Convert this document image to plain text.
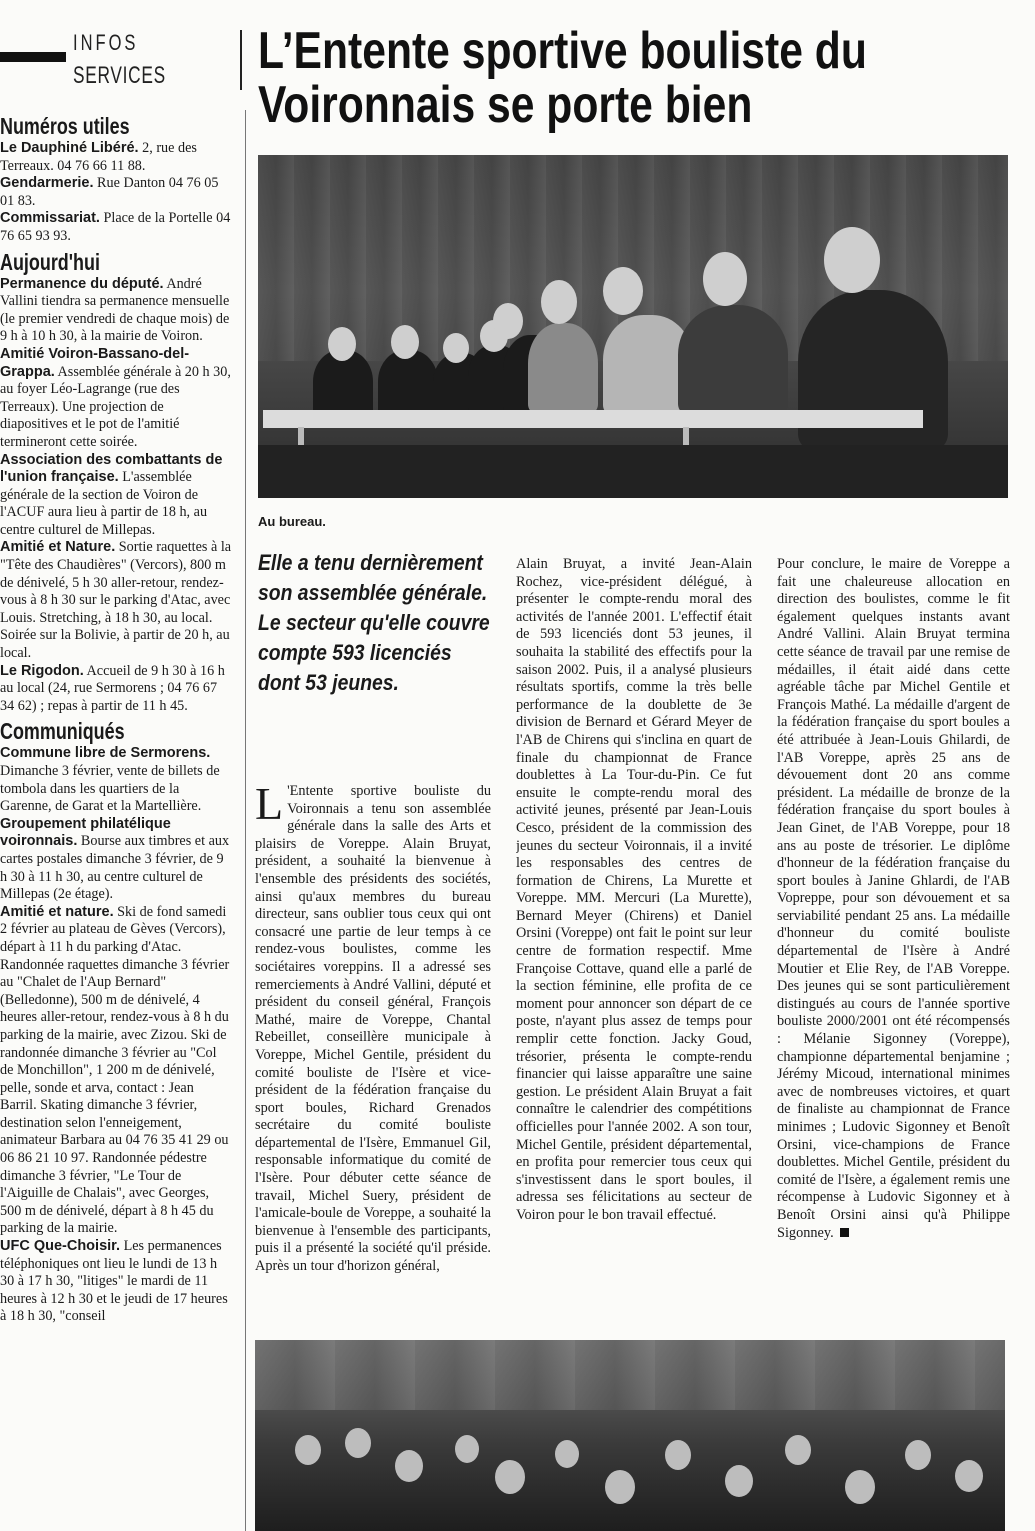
INFOS
SERVICES L’Entente sportive bouliste du Voironnais se porte bien
Numéros utiles

Le Dauphiné Libéré. 2, rue des Terreaux. 04 76 66 11 88.

Gendarmerie. Rue Danton 04 76 05 01 83.

Commissariat. Place de la Portelle 04 76 65 93 93.

Aujourd'hui

Permanence du député. André Vallini tiendra sa permanence mensuelle (le premier vendredi de chaque mois) de 9 h à 10 h 30, à la mairie de Voiron.

Amitié Voiron-Bassano-del-Grappa. Assemblée générale à 20 h 30, au foyer Léo-Lagrange (rue des Terreaux). Une projection de diapositives et le pot de l'amitié termineront cette soirée.

Association des combattants de l'union française. L'assemblée générale de la section de Voiron de l'ACUF aura lieu à partir de 18 h, au centre culturel de Millepas.

Amitié et Nature. Sortie raquettes à la "Tête des Chaudières" (Vercors), 800 m de dénivelé, 5 h 30 aller-retour, rendez-vous à 8 h 30 sur le parking d'Atac, avec Louis. Stretching, à 18 h 30, au local. Soirée sur la Bolivie, à partir de 20 h, au local.

Le Rigodon. Accueil de 9 h 30 à 16 h au local (24, rue Sermorens ; 04 76 67 34 62) ; repas à partir de 11 h 45.

Communiqués

Commune libre de Sermorens. Dimanche 3 février, vente de billets de tombola dans les quartiers de la Garenne, de Garat et la Martellière.

Groupement philatélique voironnais. Bourse aux timbres et aux cartes postales dimanche 3 février, de 9 h 30 à 11 h 30, au centre culturel de Millepas (2e étage).

Amitié et nature. Ski de fond samedi 2 février au plateau de Gèves (Vercors), départ à 11 h du parking d'Atac. Randonnée raquettes dimanche 3 février au "Chalet de l'Aup Bernard" (Belledonne), 500 m de dénivelé, 4 heures aller-retour, rendez-vous à 8 h du parking de la mairie, avec Zizou. Ski de randonnée dimanche 3 février au "Col de Monchillon", 1 200 m de dénivelé, pelle, sonde et arva, contact : Jean Barril. Skating dimanche 3 février, destination selon l'enneigement, animateur Barbara au 04 76 35 41 29 ou 06 86 21 10 97. Randonnée pédestre dimanche 3 février, "Le Tour de l'Aiguille de Chalais", avec Georges, 500 m de dénivelé, départ à 8 h 45 du parking de la mairie.

UFC Que-Choisir. Les permanences téléphoniques ont lieu le lundi de 13 h 30 à 17 h 30, "litiges" le mardi de 11 heures à 12 h 30 et le jeudi de 17 heures à 18 h 30, "conseil

Au bureau.

Elle a tenu dernièrement son assemblée générale. Le secteur qu'elle couvre compte 593 licenciés dont 53 jeunes.

L 'Entente sportive bouliste du Voironnais a tenu son assemblée générale dans la salle des Arts et plaisirs de Voreppe. Alain Bruyat, président, a souhaité la bienvenue à l'ensemble des présidents des sociétés, ainsi qu'aux membres du bureau directeur, sans oublier tous ceux qui ont consacré une partie de leur temps à ce rendez-vous boulistes, comme les sociétaires voreppins. Il a adressé ses remerciements à André Vallini, député et président du conseil général, François Mathé, maire de Voreppe, Chantal Rebeillet, conseillère municipale à Voreppe, Michel Gentile, président du comité bouliste de l'Isère et vice-président de la fédération française du sport boules, Richard Grenados secrétaire du comité bouliste départemental de l'Isère, Emmanuel Gil, responsable informatique du comité de l'Isère. Pour débuter cette séance de travail, Michel Suery, président de l'amicale-boule de Voreppe, a souhaité la bienvenue à l'ensemble des participants, puis il a présenté la société qu'il préside. Après un tour d'horizon général,

Alain Bruyat, a invité Jean-Alain Rochez, vice-président délégué, à présenter le compte-rendu moral des activités de l'année 2001. L'effectif était de 593 licenciés dont 53 jeunes, il souhaita la stabilité des effectifs pour la saison 2002. Puis, il a analysé plusieurs résultats sportifs, comme la très belle performance de la doublette de 3e division de Bernard et Gérard Meyer de l'AB de Chirens qui s'inclina en quart de finale du championnat de France doublettes à La Tour-du-Pin. Ce fut ensuite le compte-rendu moral des activité jeunes, présenté par Jean-Louis Cesco, président de la commission des jeunes du secteur Voironnais, il a invité les responsables des centres de formation de Chirens, La Murette et Voreppe. MM. Mercuri (La Murette), Bernard Meyer (Chirens) et Daniel Orsini (Voreppe) ont fait le point sur leur centre de formation respectif. Mme Françoise Cottave, quand elle a parlé de la section féminine, elle profita de ce moment pour annoncer son départ de ce poste, n'ayant plus assez de temps pour remplir cette fonction. Jacky Goud, trésorier, présenta le compte-rendu financier qui laisse apparaître une saine gestion. Le président Alain Bruyat a fait connaître le calendrier des compétitions officielles pour l'année 2002. A son tour, Michel Gentile, président départemental, en profita pour remercier tous ceux qui s'investissent dans le sport boules, il adressa ses félicitations au secteur de Voiron pour le bon travail effectué.

Pour conclure, le maire de Voreppe a fait une chaleureuse allocation en direction des boulistes, comme le fit également quelques instants avant André Vallini. Alain Bruyat termina cette séance de travail par une remise de médailles, il était aidé dans cette agréable tâche par Michel Gentile et François Mathé. La médaille d'argent de la fédération française du sport boules a été attribuée à Jean-Louis Ghilardi, de l'AB Voreppe, après 25 ans de dévouement dont 20 ans comme président. La médaille de bronze de la fédération française du sport boules à Jean Ginet, de l'AB Voreppe, pour 18 ans au poste de trésorier. Le diplôme d'honneur de la fédération française du sport boules à Janine Ghlardi, de l'AB Vopreppe, pour son dévouement et sa serviabilité pendant 25 ans. La médaille d'honneur du comité bouliste départemental de l'Isère à André Moutier et Elie Rey, de l'AB Voreppe. Des jeunes qui se sont particulièrement distingués au cours de l'année sportive bouliste 2000/2001 ont été récompensés : Mélanie Sigonney (Voreppe), championne départemental benjamine ; Jérémy Micoud, international minimes avec de nombreuses victoires, et quart de finaliste au championnat de France minimes ; Ludovic Sigonney et Benoît Orsini, vice-champions de France doublettes. Michel Gentile, président du comité de l'Isère, a également remis une récompense à Ludovic Sigonney et à Benoît Orsini ainsi qu'à Philippe Sigonney.
